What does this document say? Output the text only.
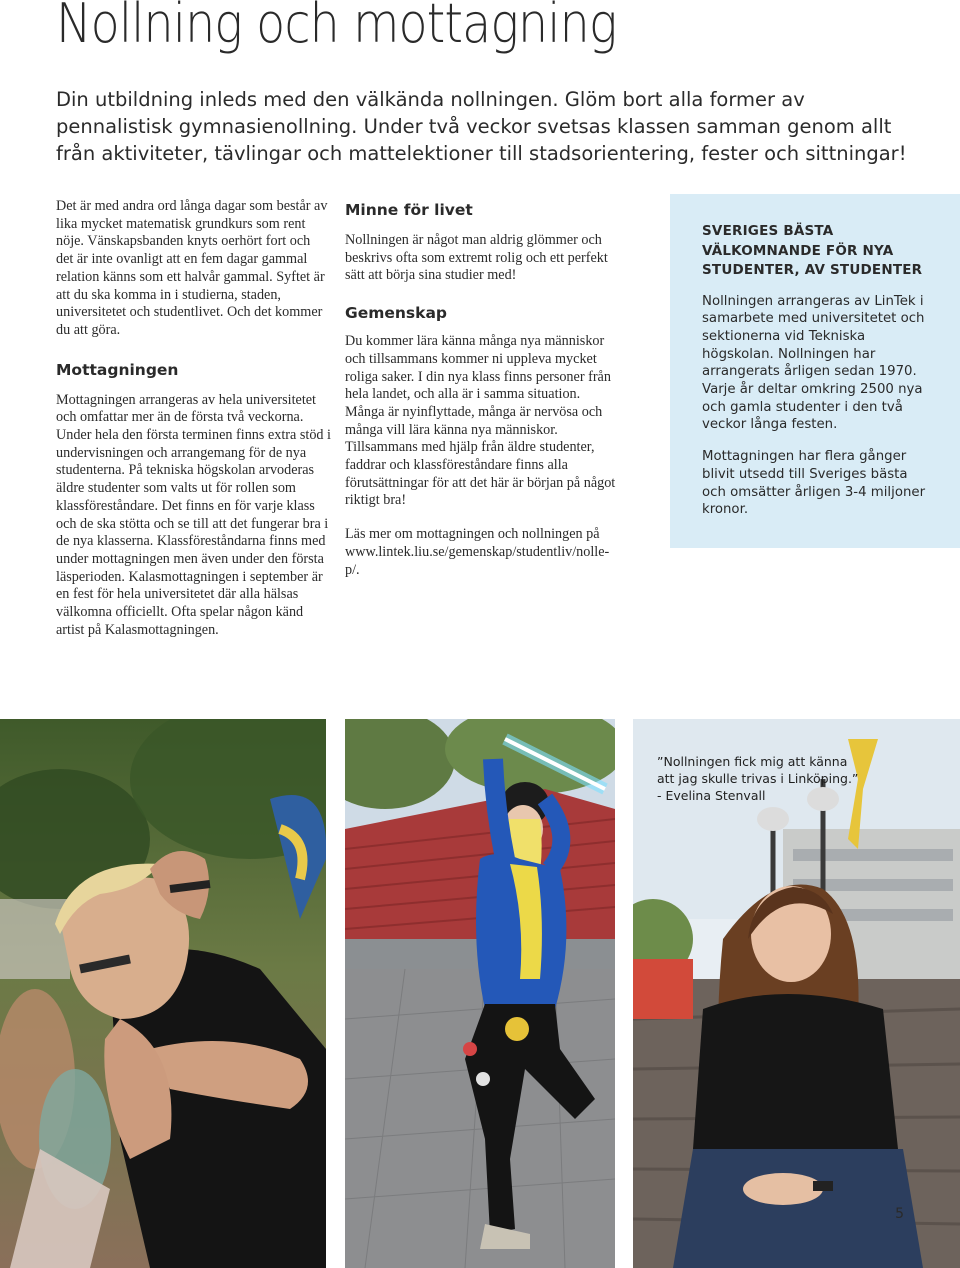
Nollning och mottagning

Din utbildning inleds med den välkända nollningen. Glöm bort alla former av pennalistisk gymnasienollning. Under två veckor svetsas klassen samman genom allt från aktiviteter, tävlingar och mattelektioner till stadsorientering, fester och sittningar!

Det är med andra ord långa dagar som består av lika mycket matematisk grundkurs som rent nöje. Vänskapsbanden knyts oerhört fort och det är inte ovanligt att en fem dagar gammal relation känns som ett halvår gammal. Syftet är att du ska komma in i studierna, staden, universitetet och studentlivet. Och det kommer du att göra.

Mottagningen

Mottagningen arrangeras av hela universitetet och omfattar mer än de första två veckorna. Under hela den första terminen finns extra stöd i undervisningen och arrangemang för de nya studenterna. På tekniska högskolan arvoderas äldre studenter som valts ut för rollen som klassföreståndare. Det finns en för varje klass och de ska stötta och se till att det fungerar bra i de nya klasserna. Klassföreståndarna finns med under mottagningen men även under den första läsperioden. Kalasmottagningen i september är en fest för hela universitetet där alla hälsas välkomna officiellt. Ofta spelar någon känd artist på Kalasmottagningen.

Minne för livet

Nollningen är något man aldrig glömmer och beskrivs ofta som extremt rolig och ett perfekt sätt att börja sina studier med!

Gemenskap

Du kommer lära känna många nya människor och tillsammans kommer ni uppleva mycket roliga saker. I din nya klass finns personer från hela landet, och alla är i samma situation. Många är nyinflyttade, många är nervösa och många vill lära känna nya människor. Tillsammans med hjälp från äldre studenter, faddrar och klassföreståndare finns alla förutsättningar för att det här är början på något riktigt bra!

Läs mer om mottagningen och nollningen på www.lintek.liu.se/gemenskap/studentliv/nolle-p/.

SVERIGES BÄSTA VÄLKOMNANDE FÖR NYA STUDENTER, AV STUDENTER

Nollningen arrangeras av LinTek i samarbete med universitetet och sektionerna vid Tekniska högskolan. Nollningen har arrangerats årligen sedan 1970. Varje år deltar omkring 2500 nya och gamla studenter i den två veckor långa festen.

Mottagningen har flera gånger blivit utsedd till Sveriges bästa och omsätter årligen 3-4 miljoner kronor.

”Nollningen fick mig att känna
att jag skulle trivas i Linköping.”
- Evelina Stenvall

5
